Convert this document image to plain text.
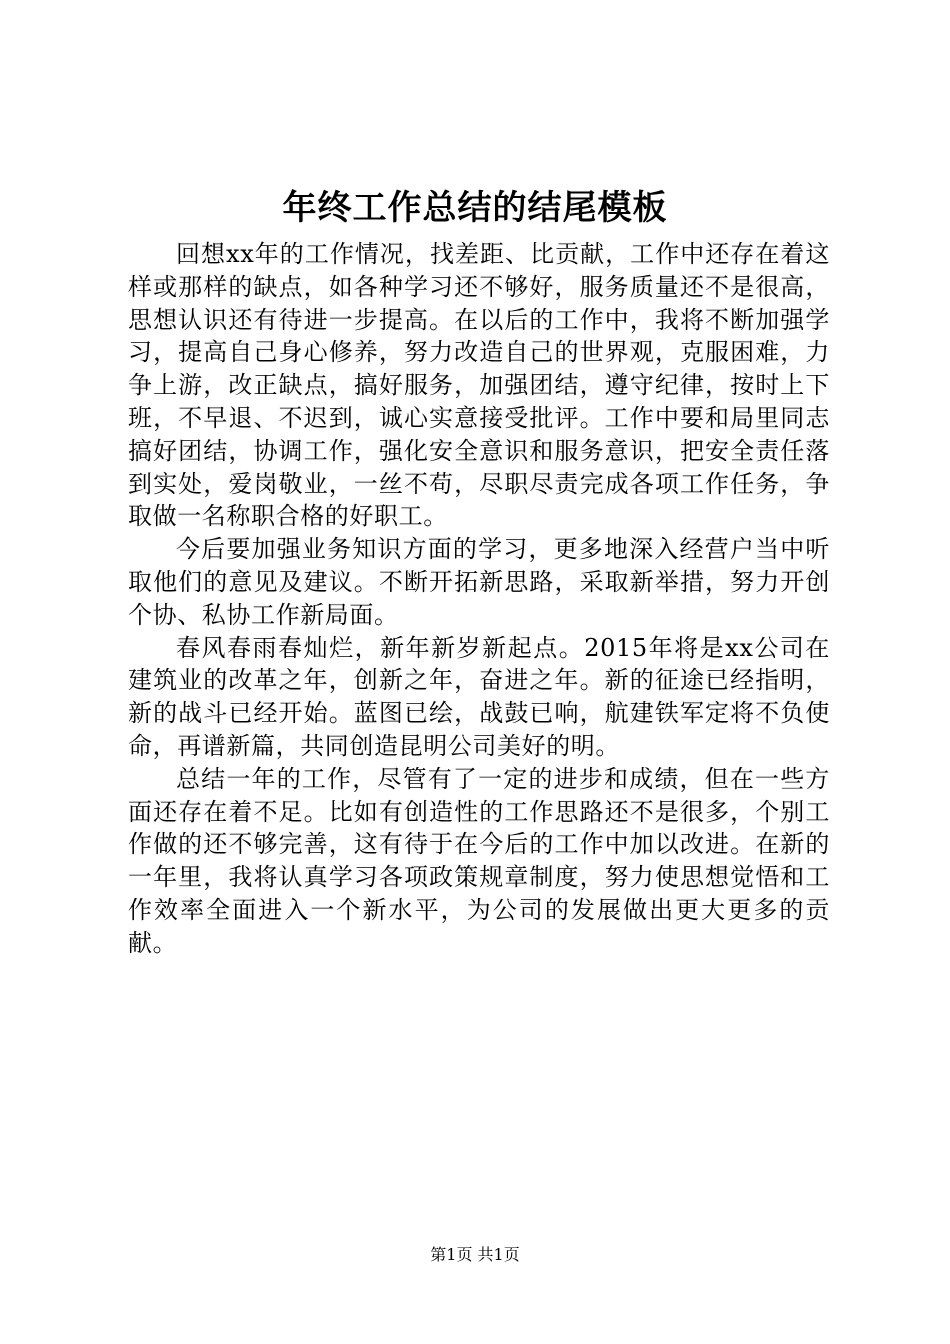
年终工作总结的结尾模板

回想xx年的工作情况，找差距、比贡献，工作中还存在着这样或那样的缺点，如各种学习还不够好，服务质量还不是很高，思想认识还有待进一步提高。在以后的工作中，我将不断加强学习，提高自己身心修养，努力改造自己的世界观，克服困难，力争上游，改正缺点，搞好服务，加强团结，遵守纪律，按时上下班，不早退、不迟到，诚心实意接受批评。工作中要和局里同志搞好团结，协调工作，强化安全意识和服务意识，把安全责任落到实处，爱岗敬业，一丝不苟，尽职尽责完成各项工作任务，争取做一名称职合格的好职工。

今后要加强业务知识方面的学习，更多地深入经营户当中听取他们的意见及建议。不断开拓新思路，采取新举措，努力开创个协、私协工作新局面。

春风春雨春灿烂，新年新岁新起点。2015年将是xx公司在建筑业的改革之年，创新之年，奋进之年。新的征途已经指明，新的战斗已经开始。蓝图已绘，战鼓已响，航建铁军定将不负使命，再谱新篇，共同创造昆明公司美好的明。

总结一年的工作，尽管有了一定的进步和成绩，但在一些方面还存在着不足。比如有创造性的工作思路还不是很多，个别工作做的还不够完善，这有待于在今后的工作中加以改进。在新的一年里，我将认真学习各项政策规章制度，努力使思想觉悟和工作效率全面进入一个新水平，为公司的发展做出更大更多的贡献。

第1页 共1页
